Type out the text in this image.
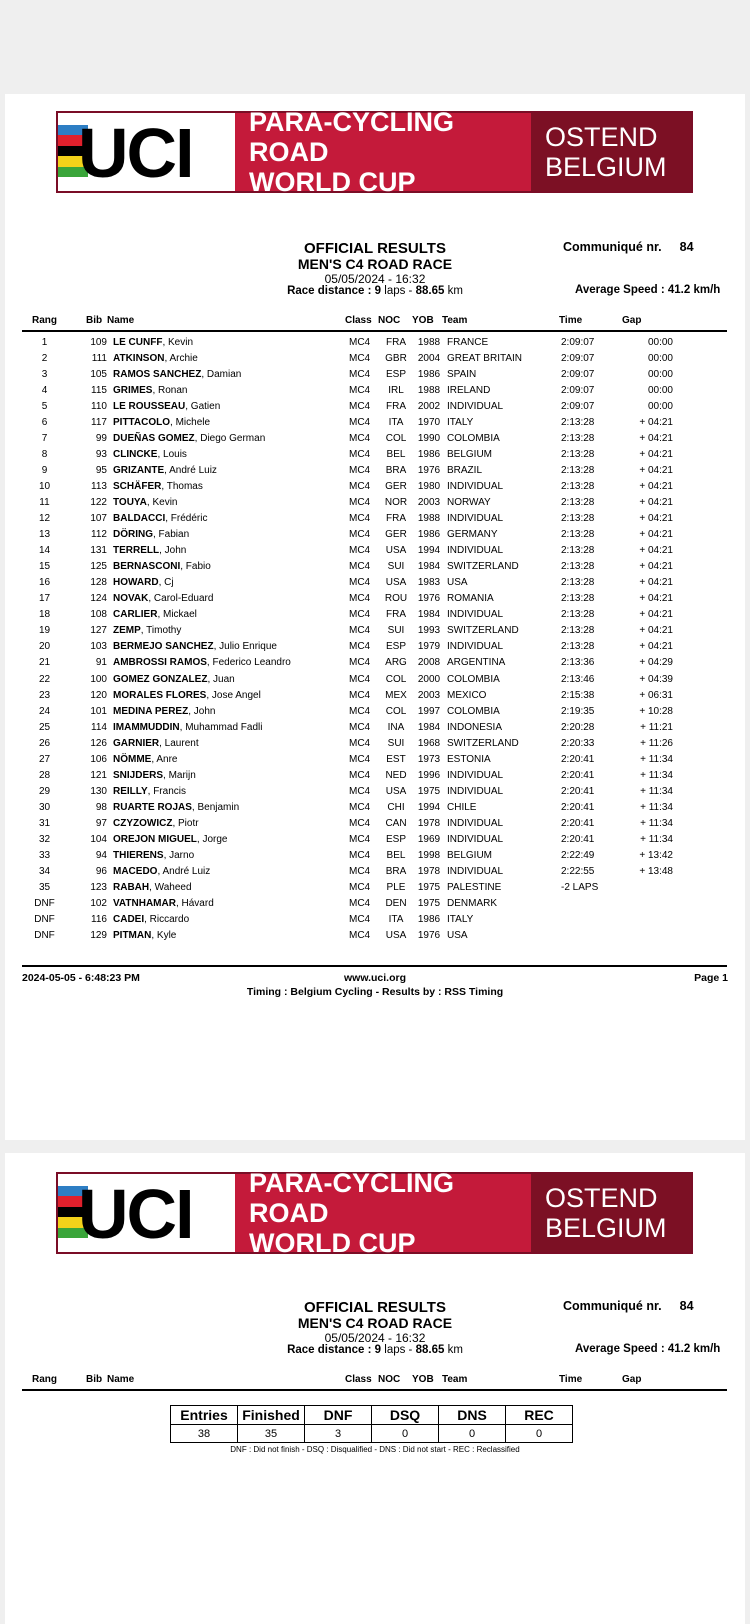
UCI PARA-CYCLING ROAD
WORLD CUP
OSTEND
BELGIUM
OFFICIAL RESULTS
MEN'S C4 ROAD RACE
05/05/2024 - 16:32
Race distance : 9 laps - 88.65 km
Communiqué nr. 84
Average Speed : 41.2 km/h
Rang	Bib Name	Class NOC YOB Team	Time	Gap
1	109	LE CUNFF, Kevin	MC4	FRA	1988	FRANCE	2:09:07	00:00
2	111	ATKINSON, Archie	MC4	GBR	2004	GREAT BRITAIN	2:09:07	00:00
3	105	RAMOS SANCHEZ, Damian	MC4	ESP	1986	SPAIN	2:09:07	00:00
4	115	GRIMES, Ronan	MC4	IRL	1988	IRELAND	2:09:07	00:00
5	110	LE ROUSSEAU, Gatien	MC4	FRA	2002	INDIVIDUAL	2:09:07	00:00
6	117	PITTACOLO, Michele	MC4	ITA	1970	ITALY	2:13:28	+ 04:21
7	99	DUEÑAS GOMEZ, Diego German	MC4	COL	1990	COLOMBIA	2:13:28	+ 04:21
8	93	CLINCKE, Louis	MC4	BEL	1986	BELGIUM	2:13:28	+ 04:21
9	95	GRIZANTE, André Luiz	MC4	BRA	1976	BRAZIL	2:13:28	+ 04:21
10	113	SCHÄFER, Thomas	MC4	GER	1980	INDIVIDUAL	2:13:28	+ 04:21
11	122	TOUYA, Kevin	MC4	NOR	2003	NORWAY	2:13:28	+ 04:21
12	107	BALDACCI, Frédéric	MC4	FRA	1988	INDIVIDUAL	2:13:28	+ 04:21
13	112	DÖRING, Fabian	MC4	GER	1986	GERMANY	2:13:28	+ 04:21
14	131	TERRELL, John	MC4	USA	1994	INDIVIDUAL	2:13:28	+ 04:21
15	125	BERNASCONI, Fabio	MC4	SUI	1984	SWITZERLAND	2:13:28	+ 04:21
16	128	HOWARD, Cj	MC4	USA	1983	USA	2:13:28	+ 04:21
17	124	NOVAK, Carol-Eduard	MC4	ROU	1976	ROMANIA	2:13:28	+ 04:21
18	108	CARLIER, Mickael	MC4	FRA	1984	INDIVIDUAL	2:13:28	+ 04:21
19	127	ZEMP, Timothy	MC4	SUI	1993	SWITZERLAND	2:13:28	+ 04:21
20	103	BERMEJO SANCHEZ, Julio Enrique	MC4	ESP	1979	INDIVIDUAL	2:13:28	+ 04:21
21	91	AMBROSSI RAMOS, Federico Leandro	MC4	ARG	2008	ARGENTINA	2:13:36	+ 04:29
22	100	GOMEZ GONZALEZ, Juan	MC4	COL	2000	COLOMBIA	2:13:46	+ 04:39
23	120	MORALES FLORES, Jose Angel	MC4	MEX	2003	MEXICO	2:15:38	+ 06:31
24	101	MEDINA PEREZ, John	MC4	COL	1997	COLOMBIA	2:19:35	+ 10:28
25	114	IMAMMUDDIN, Muhammad Fadli	MC4	INA	1984	INDONESIA	2:20:28	+ 11:21
26	126	GARNIER, Laurent	MC4	SUI	1968	SWITZERLAND	2:20:33	+ 11:26
27	106	NÖMME, Anre	MC4	EST	1973	ESTONIA	2:20:41	+ 11:34
28	121	SNIJDERS, Marijn	MC4	NED	1996	INDIVIDUAL	2:20:41	+ 11:34
29	130	REILLY, Francis	MC4	USA	1975	INDIVIDUAL	2:20:41	+ 11:34
30	98	RUARTE ROJAS, Benjamin	MC4	CHI	1994	CHILE	2:20:41	+ 11:34
31	97	CZYZOWICZ, Piotr	MC4	CAN	1978	INDIVIDUAL	2:20:41	+ 11:34
32	104	OREJON MIGUEL, Jorge	MC4	ESP	1969	INDIVIDUAL	2:20:41	+ 11:34
33	94	THIERENS, Jarno	MC4	BEL	1998	BELGIUM	2:22:49	+ 13:42
34	96	MACEDO, André Luiz	MC4	BRA	1978	INDIVIDUAL	2:22:55	+ 13:48
35	123	RABAH, Waheed	MC4	PLE	1975	PALESTINE	-2 LAPS	
DNF	102	VATNHAMAR, Hávard	MC4	DEN	1975	DENMARK		
DNF	116	CADEI, Riccardo	MC4	ITA	1986	ITALY		
DNF	129	PITMAN, Kyle	MC4	USA	1976	USA		
2024-05-05 - 6:48:23 PM	www.uci.org	Page 1
Timing : Belgium Cycling - Results by : RSS Timing
UCI PARA-CYCLING ROAD
WORLD CUP
OSTEND
BELGIUM
OFFICIAL RESULTS
MEN'S C4 ROAD RACE
05/05/2024 - 16:32
Race distance : 9 laps - 88.65 km
Communiqué nr. 84
Average Speed : 41.2 km/h
Rang	Bib Name	Class NOC YOB Team	Time	Gap
Entries	Finished	DNF	DSQ	DNS	REC
38	35	3	0	0	0
DNF : Did not finish - DSQ : Disqualified - DNS : Did not start - REC : Reclassified
